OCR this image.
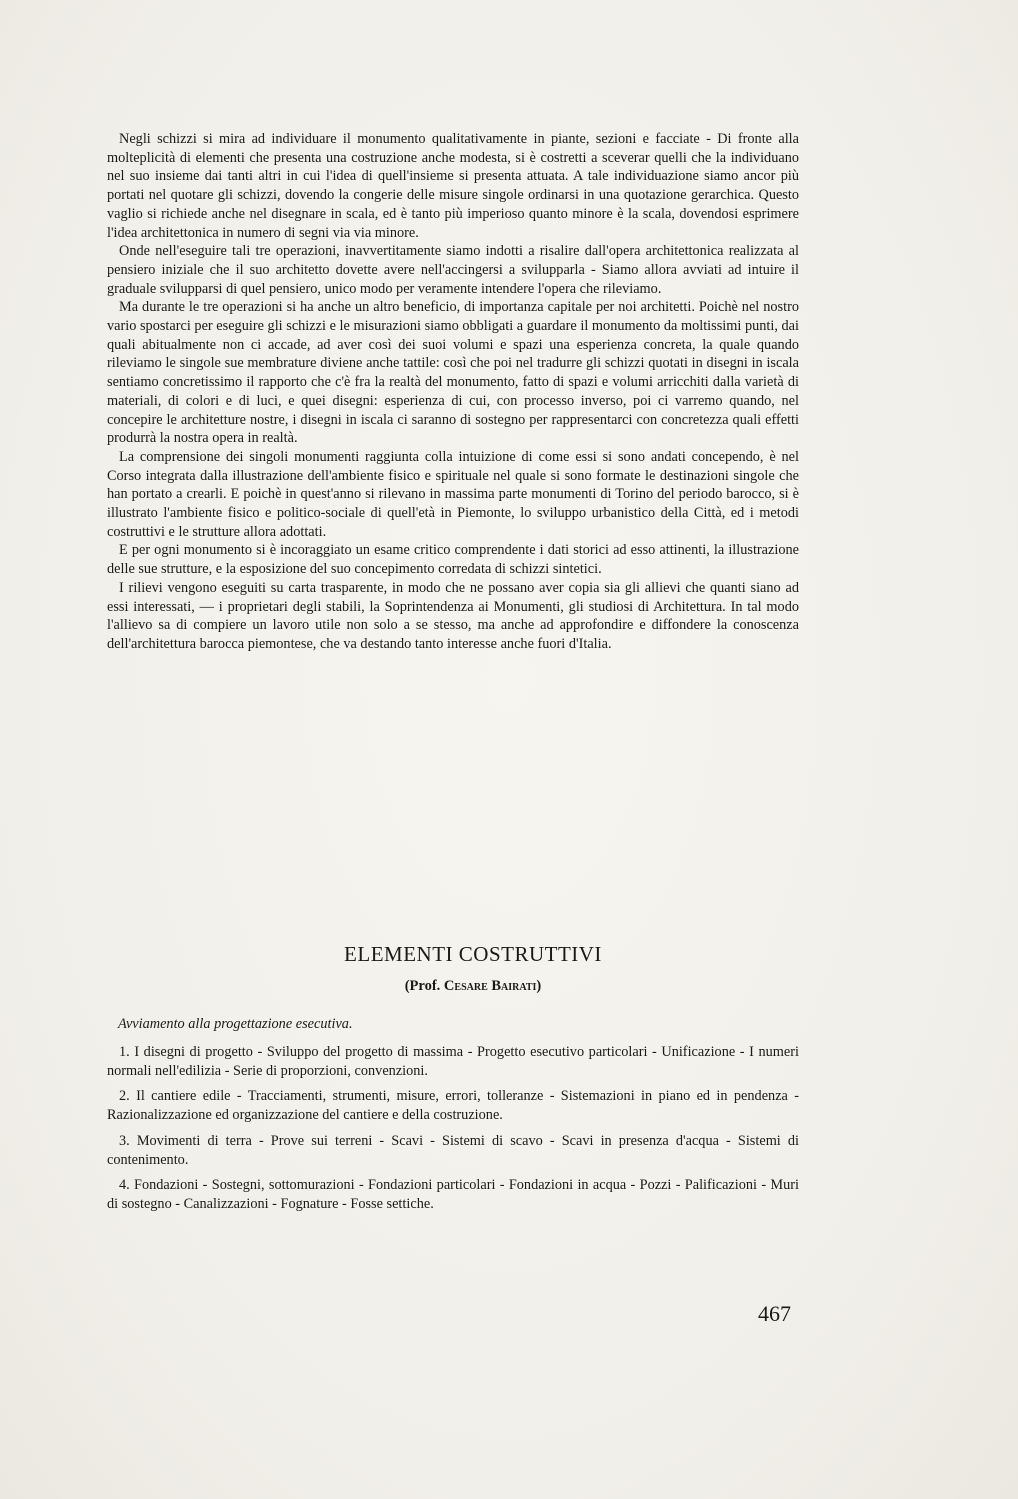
Negli schizzi si mira ad individuare il monumento qualitativamente in piante, sezioni e facciate - Di fronte alla molteplicità di elementi che presenta una costruzione anche modesta, si è costretti a sceverar quelli che la individuano nel suo insieme dai tanti altri in cui l'idea di quell'insieme si presenta attuata. A tale individuazione siamo ancor più portati nel quotare gli schizzi, dovendo la congerie delle misure singole ordinarsi in una quotazione gerarchica. Questo vaglio si richiede anche nel disegnare in scala, ed è tanto più imperioso quanto minore è la scala, dovendosi esprimere l'idea architettonica in numero di segni via via minore.

Onde nell'eseguire tali tre operazioni, inavvertitamente siamo indotti a risalire dall'opera architettonica realizzata al pensiero iniziale che il suo architetto dovette avere nell'accingersi a svilupparla - Siamo allora avviati ad intuire il graduale svilupparsi di quel pensiero, unico modo per veramente intendere l'opera che rileviamo.

Ma durante le tre operazioni si ha anche un altro beneficio, di importanza capitale per noi architetti. Poichè nel nostro vario spostarci per eseguire gli schizzi e le misurazioni siamo obbligati a guardare il monumento da moltissimi punti, dai quali abitualmente non ci accade, ad aver così dei suoi volumi e spazi una esperienza concreta, la quale quando rileviamo le singole sue membrature diviene anche tattile: così che poi nel tradurre gli schizzi quotati in disegni in iscala sentiamo concretissimo il rapporto che c'è fra la realtà del monumento, fatto di spazi e volumi arricchiti dalla varietà di materiali, di colori e di luci, e quei disegni: esperienza di cui, con processo inverso, poi ci varremo quando, nel concepire le architetture nostre, i disegni in iscala ci saranno di sostegno per rappresentarci con concretezza quali effetti produrrà la nostra opera in realtà.

La comprensione dei singoli monumenti raggiunta colla intuizione di come essi si sono andati concependo, è nel Corso integrata dalla illustrazione dell'ambiente fisico e spirituale nel quale si sono formate le destinazioni singole che han portato a crearli. E poichè in quest'anno si rilevano in massima parte monumenti di Torino del periodo barocco, si è illustrato l'ambiente fisico e politico-sociale di quell'età in Piemonte, lo sviluppo urbanistico della Città, ed i metodi costruttivi e le strutture allora adottati.

E per ogni monumento si è incoraggiato un esame critico comprendente i dati storici ad esso attinenti, la illustrazione delle sue strutture, e la esposizione del suo concepimento corredata di schizzi sintetici.

I rilievi vengono eseguiti su carta trasparente, in modo che ne possano aver copia sia gli allievi che quanti siano ad essi interessati, — i proprietari degli stabili, la Soprintendenza ai Monumenti, gli studiosi di Architettura. In tal modo l'allievo sa di compiere un lavoro utile non solo a se stesso, ma anche ad approfondire e diffondere la conoscenza dell'architettura barocca piemontese, che va destando tanto interesse anche fuori d'Italia.

ELEMENTI COSTRUTTIVI

(Prof. Cesare Bairati)

Avviamento alla progettazione esecutiva.

1. I disegni di progetto - Sviluppo del progetto di massima - Progetto esecutivo particolari - Unificazione - I numeri normali nell'edilizia - Serie di proporzioni, convenzioni.

2. Il cantiere edile - Tracciamenti, strumenti, misure, errori, tolleranze - Sistemazioni in piano ed in pendenza - Razionalizzazione ed organizzazione del cantiere e della costruzione.

3. Movimenti di terra - Prove sui terreni - Scavi - Sistemi di scavo - Scavi in presenza d'acqua - Sistemi di contenimento.

4. Fondazioni - Sostegni, sottomurazioni - Fondazioni particolari - Fondazioni in acqua - Pozzi - Palificazioni - Muri di sostegno - Canalizzazioni - Fognature - Fosse settiche.

467
